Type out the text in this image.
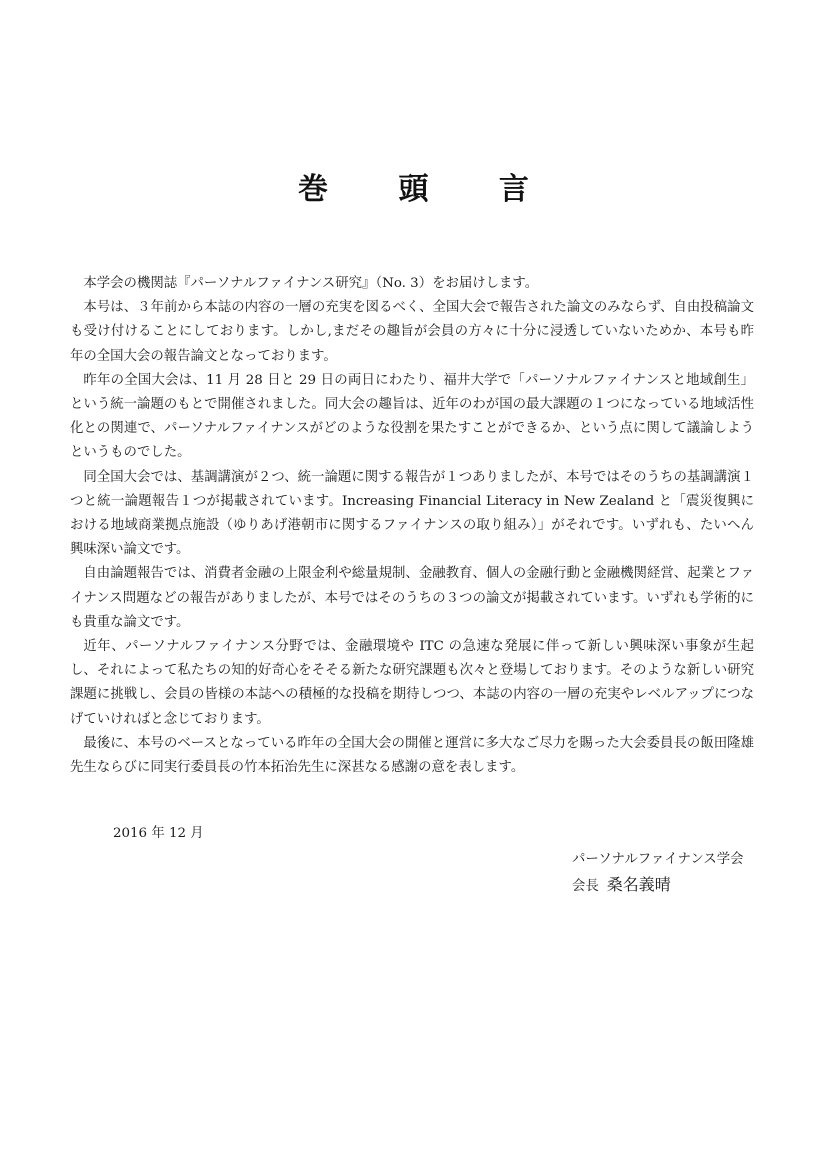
巻 頭 言

本学会の機関誌『パーソナルファイナンス研究』（No. 3）をお届けします。

本号は、３年前から本誌の内容の一層の充実を図るべく、全国大会で報告された論文のみならず、自由投稿論文も受け付けることにしております。しかし,まだその趣旨が会員の方々に十分に浸透していないためか、本号も昨年の全国大会の報告論文となっております。

昨年の全国大会は、11 月 28 日と 29 日の両日にわたり、福井大学で「パーソナルファイナンスと地域創生」という統一論題のもとで開催されました。同大会の趣旨は、近年のわが国の最大課題の１つになっている地域活性化との関連で、パーソナルファイナンスがどのような役割を果たすことができるか、という点に関して議論しようというものでした。

同全国大会では、基調講演が２つ、統一論題に関する報告が１つありましたが、本号ではそのうちの基調講演１つと統一論題報告１つが掲載されています。Increasing Financial Literacy in New Zealand と「震災復興における地域商業拠点施設（ゆりあげ港朝市に関するファイナンスの取り組み）」がそれです。いずれも、たいへん興味深い論文です。

自由論題報告では、消費者金融の上限金利や総量規制、金融教育、個人の金融行動と金融機関経営、起業とファイナンス問題などの報告がありましたが、本号ではそのうちの３つの論文が掲載されています。いずれも学術的にも貴重な論文です。

近年、パーソナルファイナンス分野では、金融環境や ITC の急速な発展に伴って新しい興味深い事象が生起し、それによって私たちの知的好奇心をそそる新たな研究課題も次々と登場しております。そのような新しい研究課題に挑戦し、会員の皆様の本誌への積極的な投稿を期待しつつ、本誌の内容の一層の充実やレベルアップにつなげていければと念じております。

最後に、本号のベースとなっている昨年の全国大会の開催と運営に多大なご尽力を賜った大会委員長の飯田隆雄先生ならびに同実行委員長の竹本拓治先生に深甚なる感謝の意を表します。

2016 年 12 月
パーソナルファイナンス学会
会長 桑名義晴
